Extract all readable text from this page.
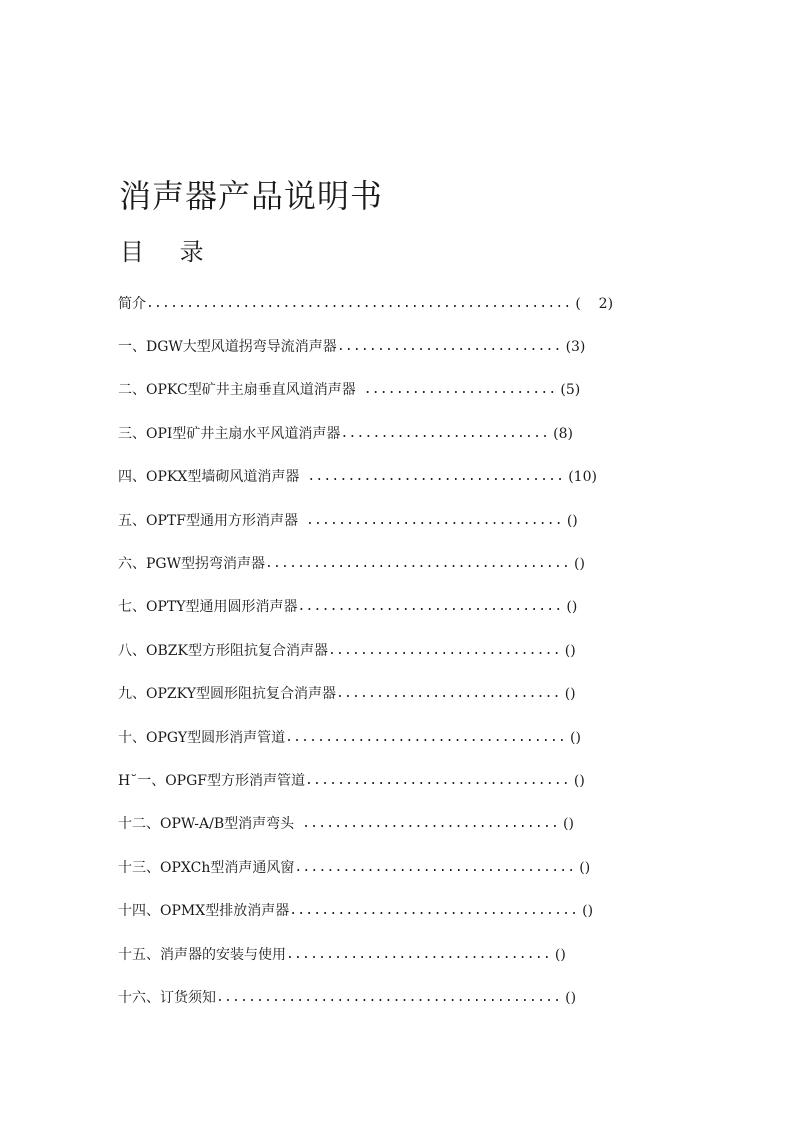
消声器产品说明书
目 录
简介 ..................................................... (    2)
一、DGW大型风道拐弯导流消声器 ............................ (3)
二、OPKC型矿井主扇垂直风道消声器 ........................ (5)
三、OPI型矿井主扇水平风道消声器 .......................... (8)
四、OPKX型墙砌风道消声器 ................................ (10)
五、OPTF型通用方形消声器 ................................ ()
六、PGW型拐弯消声器 ...................................... ()
七、OPTY型通用圆形消声器 ................................. ()
八、OBZK型方形阻抗复合消声器 ............................. ()
九、OPZKY型圆形阻抗复合消声器 ............................ ()
十、OPGY型圆形消声管道 ................................... ()
H˘一、OPGF型方形消声管道 ................................. ()
十二、OPW-A/B型消声弯头 ................................ ()
十三、OPXCh型消声通风窗 ................................... ()
十四、OPMX型排放消声器 .................................... ()
十五、消声器的安装与使用 ................................. ()
十六、订货须知 ........................................... ()
